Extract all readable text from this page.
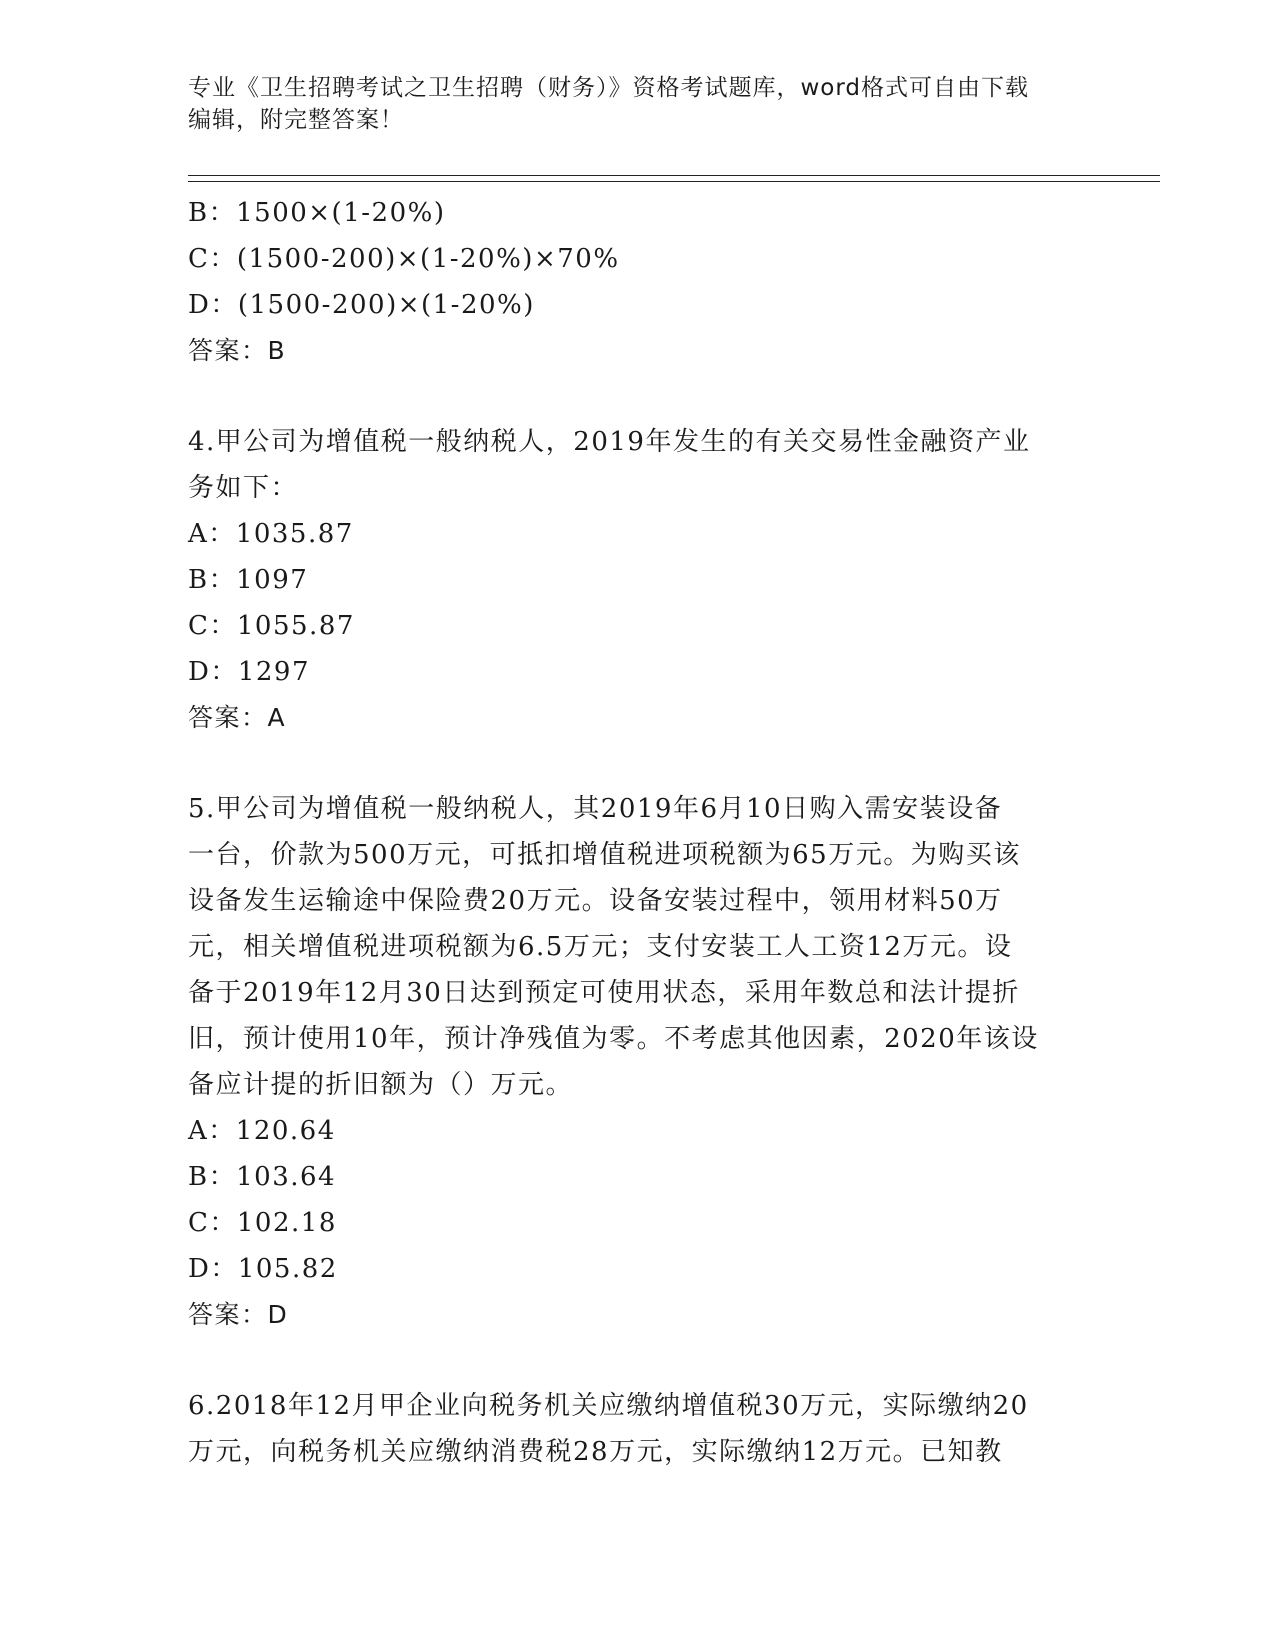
专业《卫生招聘考试之卫生招聘（财务）》资格考试题库，word格式可自由下载
编辑，附完整答案！
B：1500×(1-20%)
C：(1500-200)×(1-20%)×70%
D：(1500-200)×(1-20%)
答案：B
4.甲公司为增值税一般纳税人，2019年发生的有关交易性金融资产业
务如下：
A：1035.87
B：1097
C：1055.87
D：1297
答案：A
5.甲公司为增值税一般纳税人，其2019年6月10日购入需安装设备
一台，价款为500万元，可抵扣增值税进项税额为65万元。为购买该
设备发生运输途中保险费20万元。设备安装过程中，领用材料50万
元，相关增值税进项税额为6.5万元；支付安装工人工资12万元。设
备于2019年12月30日达到预定可使用状态，采用年数总和法计提折
旧，预计使用10年，预计净残值为零。不考虑其他因素，2020年该设
备应计提的折旧额为（）万元。
A：120.64
B：103.64
C：102.18
D：105.82
答案：D
6.2018年12月甲企业向税务机关应缴纳增值税30万元，实际缴纳20
万元，向税务机关应缴纳消费税28万元，实际缴纳12万元。已知教
